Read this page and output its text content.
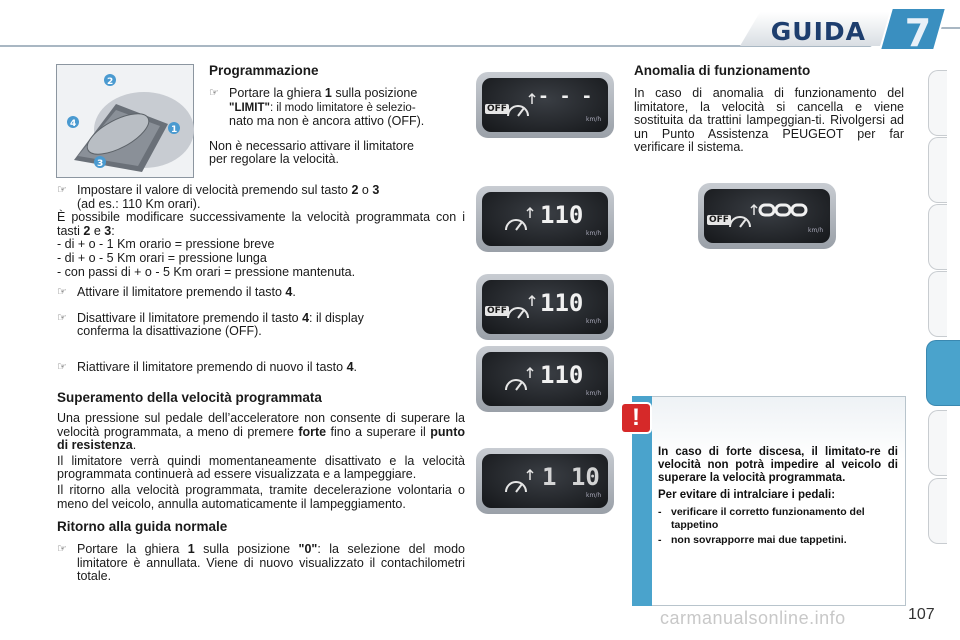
GUIDA	7
2
4
1
3
Programmazione
☞ Portare la ghiera 1 sulla posizione
"LIMIT": il modo limitatore è selezio-
nato ma non è ancora attivo (OFF).
Non è necessario attivare il limitatore
per regolare la velocità.
☞ Impostare il valore di velocità premendo sul tasto 2 o 3
(ad es.: 110 Km orari).
È possibile modificare successivamente la velocità programmata con i tasti 2 e 3:
- di + o - 1 Km orario = pressione breve
- di + o - 5 Km orari = pressione lunga
- con passi di + o - 5 Km orari = pressione mantenuta.
☞ Attivare il limitatore premendo il tasto 4.
☞ Disattivare il limitatore premendo il tasto 4: il display
conferma la disattivazione (OFF).
☞ Riattivare il limitatore premendo di nuovo il tasto 4.
Superamento della velocità programmata
Una pressione sul pedale dell’acceleratore non consente di superare la velocità programmata, a meno di premere forte fino a superare il punto di resistenza.
Il limitatore verrà quindi momentaneamente disattivato e la velocità programmata continuerà ad essere visualizzata e a lampeggiare.
Il ritorno alla velocità programmata, tramite decelerazione volontaria o meno del veicolo, annulla automaticamente il lampeggiamento.
Ritorno alla guida normale
☞ Portare la ghiera 1 sulla posizione "0": la selezione del modo limitatore è annullata. Viene di nuovo visualizzato il contachilometri totale.
OFF
- - -
km/h
110
km/h
OFF 110
km/h
110
km/h
1 10
km/h
OFF
km/h
Anomalia di funzionamento
In caso di anomalia di funzionamento del limitatore, la velocità si cancella e viene sostituita da trattini lampeggian-ti. Rivolgersi ad un Punto Assistenza PEUGEOT per far verificare il sistema.
!

In caso di forte discesa, il limitato-re di velocità non potrà impedire al veicolo di superare la velocità programmata.

Per evitare di intralciare i pedali:

- verificare il corretto funzionamento del tappetino
- non sovrapporre mai due tappetini.
carmanualsonline.info	107
